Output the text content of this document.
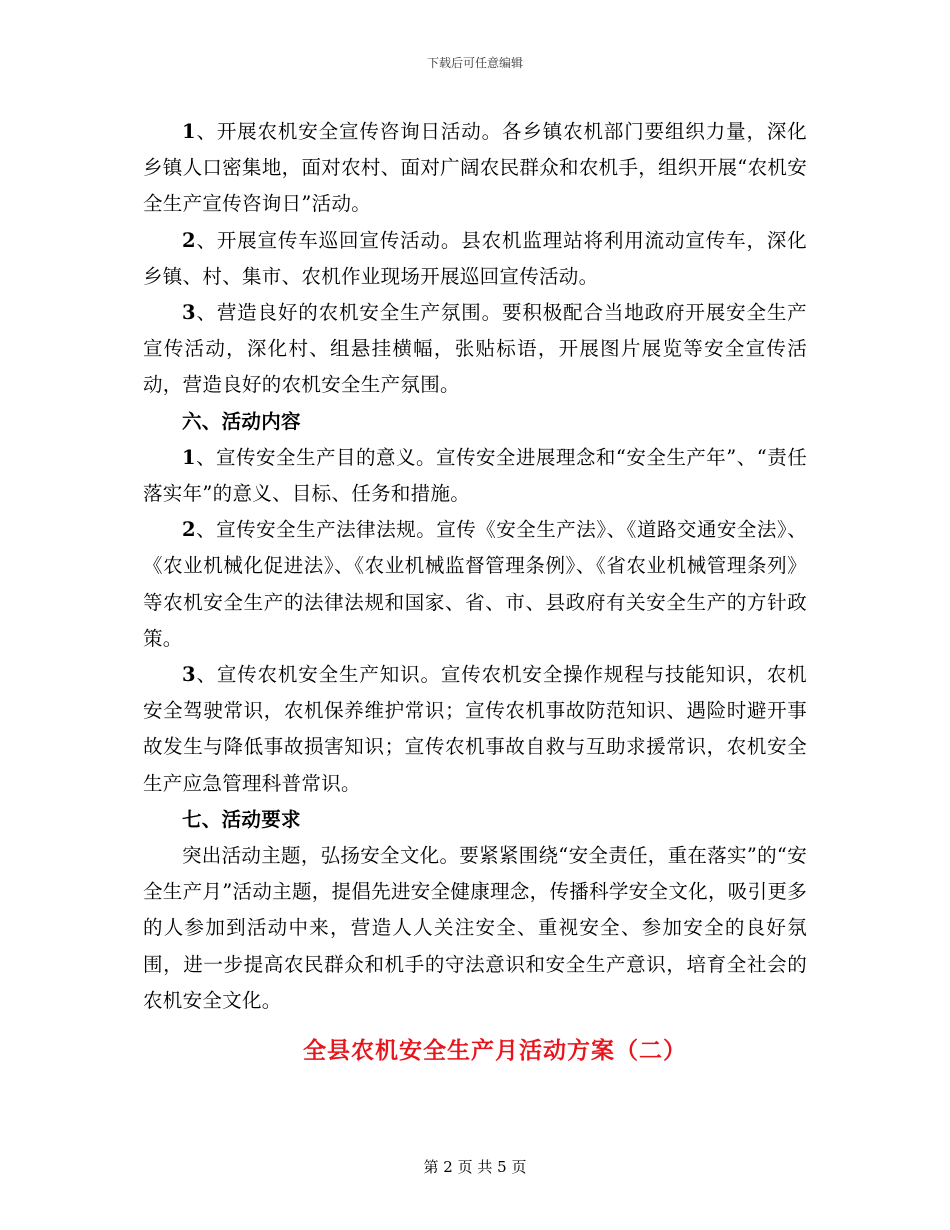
下载后可任意编辑

1、开展农机安全宣传咨询日活动。各乡镇农机部门要组织力量，深化乡镇人口密集地，面对农村、面对广阔农民群众和农机手，组织开展“农机安全生产宣传咨询日”活动。

2、开展宣传车巡回宣传活动。县农机监理站将利用流动宣传车，深化乡镇、村、集市、农机作业现场开展巡回宣传活动。

3、营造良好的农机安全生产氛围。要积极配合当地政府开展安全生产宣传活动，深化村、组悬挂横幅，张贴标语，开展图片展览等安全宣传活动，营造良好的农机安全生产氛围。

六、活动内容

1、宣传安全生产目的意义。宣传安全进展理念和“安全生产年”、“责任落实年”的意义、目标、任务和措施。

2、宣传安全生产法律法规。宣传《安全生产法》、《道路交通安全法》、《农业机械化促进法》、《农业机械监督管理条例》、《省农业机械管理条列》等农机安全生产的法律法规和国家、省、市、县政府有关安全生产的方针政策。

3、宣传农机安全生产知识。宣传农机安全操作规程与技能知识，农机安全驾驶常识，农机保养维护常识；宣传农机事故防范知识、遇险时避开事故发生与降低事故损害知识；宣传农机事故自救与互助求援常识，农机安全生产应急管理科普常识。

七、活动要求

突出活动主题，弘扬安全文化。要紧紧围绕“安全责任，重在落实”的“安全生产月”活动主题，提倡先进安全健康理念，传播科学安全文化，吸引更多的人参加到活动中来，营造人人关注安全、重视安全、参加安全的良好氛围，进一步提高农民群众和机手的守法意识和安全生产意识，培育全社会的农机安全文化。

全县农机安全生产月活动方案（二）
第 2 页 共 5 页
